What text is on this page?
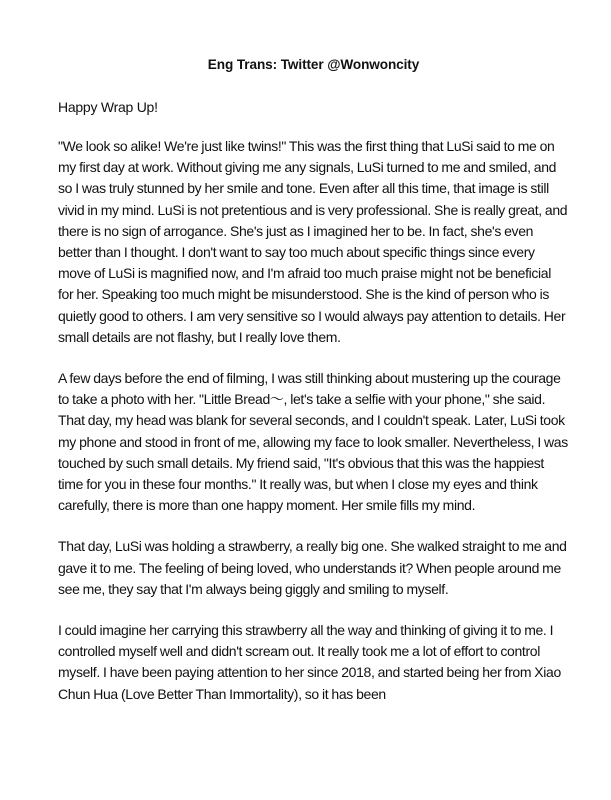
Eng Trans: Twitter @Wonwoncity

Happy Wrap Up!

"We look so alike! We're just like twins!" This was the first thing that LuSi said to me on my first day at work. Without giving me any signals, LuSi turned to me and smiled, and so I was truly stunned by her smile and tone. Even after all this time, that image is still vivid in my mind. LuSi is not pretentious and is very professional. She is really great, and there is no sign of arrogance. She's just as I imagined her to be. In fact, she's even better than I thought. I don't want to say too much about specific things since every move of LuSi is magnified now, and I'm afraid too much praise might not be beneficial for her. Speaking too much might be misunderstood. She is the kind of person who is quietly good to others. I am very sensitive so I would always pay attention to details. Her small details are not flashy, but I really love them.

A few days before the end of filming, I was still thinking about mustering up the courage to take a photo with her. "Little Bread～, let's take a selfie with your phone," she said. That day, my head was blank for several seconds, and I couldn't speak. Later, LuSi took my phone and stood in front of me, allowing my face to look smaller. Nevertheless, I was touched by such small details. My friend said, "It's obvious that this was the happiest time for you in these four months." It really was, but when I close my eyes and think carefully, there is more than one happy moment. Her smile fills my mind.

That day, LuSi was holding a strawberry, a really big one. She walked straight to me and gave it to me. The feeling of being loved, who understands it? When people around me see me, they say that I'm always being giggly and smiling to myself.

I could imagine her carrying this strawberry all the way and thinking of giving it to me. I controlled myself well and didn't scream out. It really took me a lot of effort to control myself. I have been paying attention to her since 2018, and started being her from Xiao Chun Hua (Love Better Than Immortality), so it has been
